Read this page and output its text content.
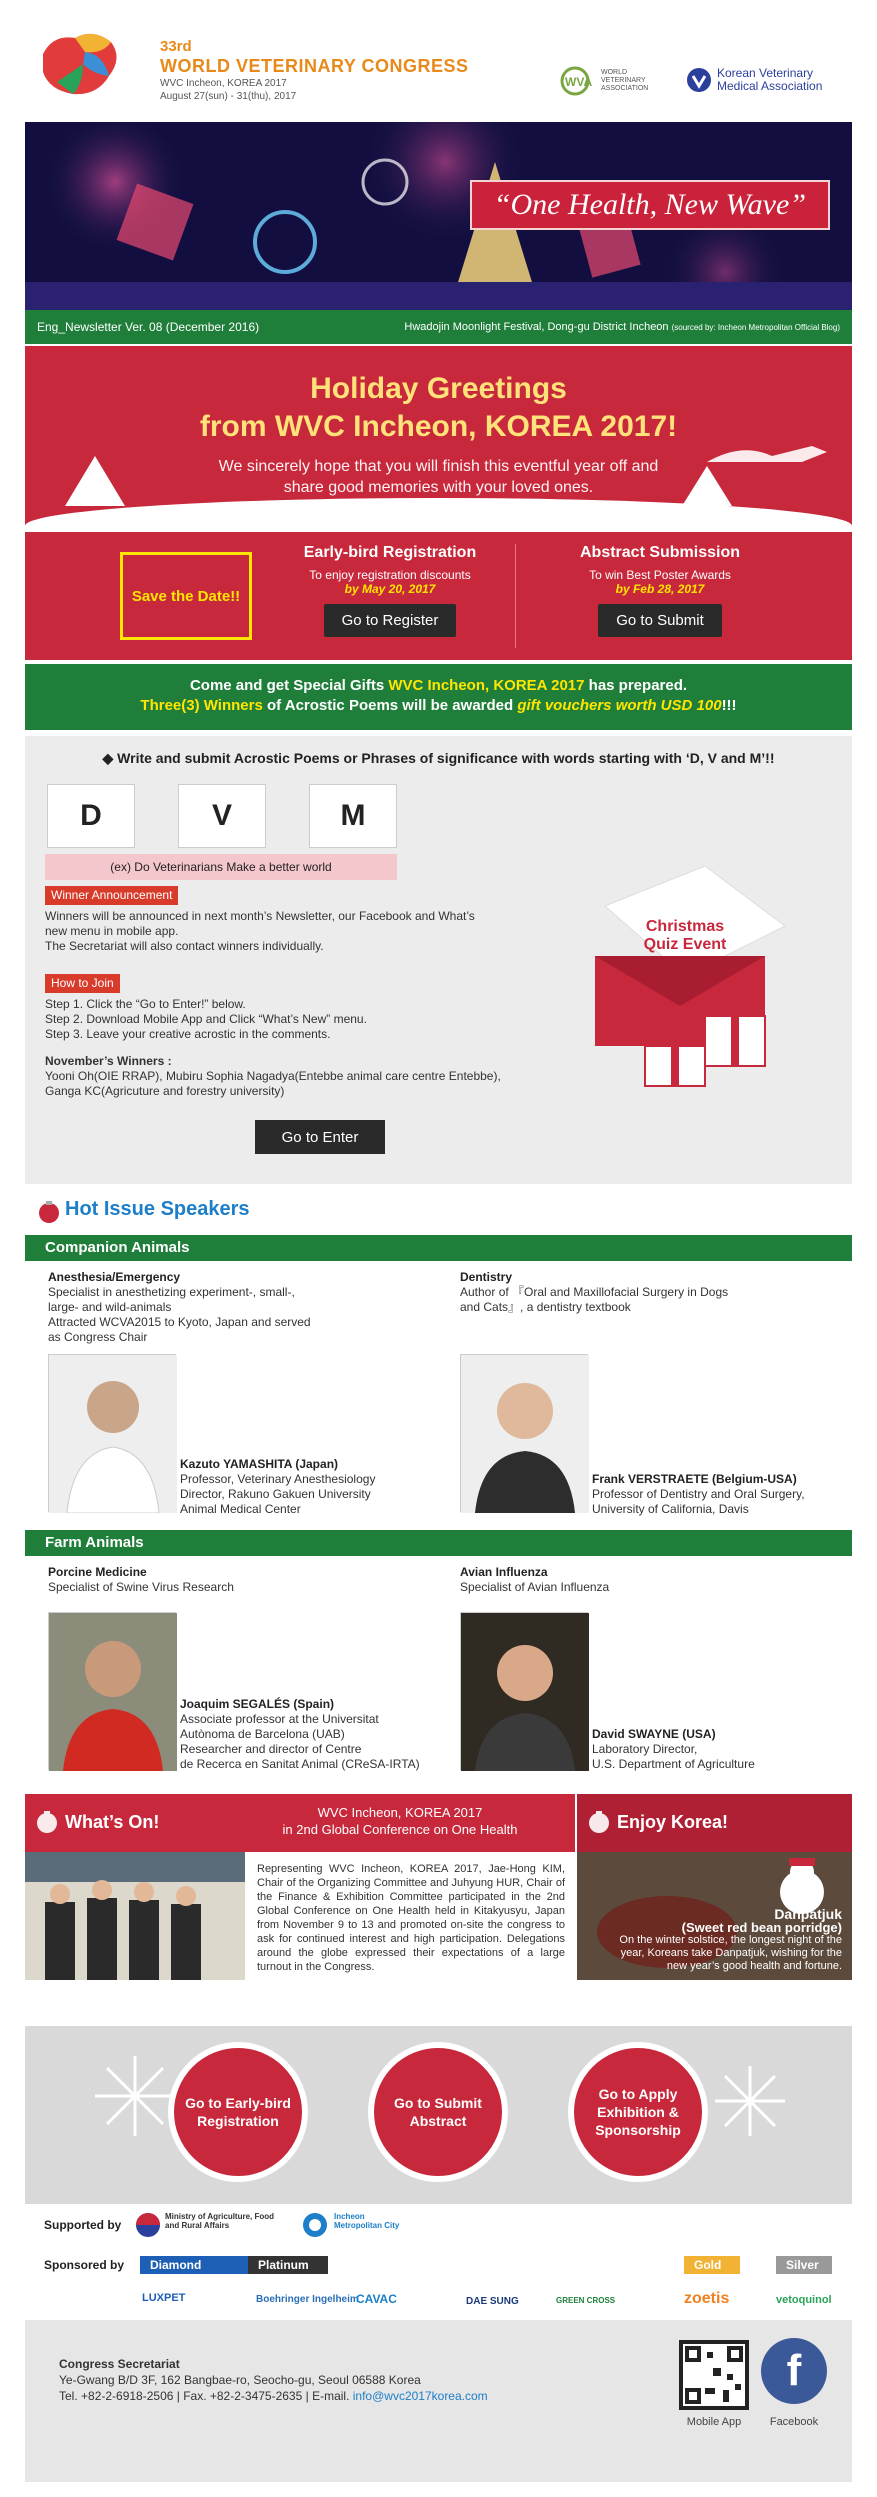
33rd
WORLD VETERINARY CONGRESS
WVC Incheon, KOREA 2017
August 27(sun) - 31(thu), 2017
WVA
WORLD VETERINARY ASSOCIATION
Korean Veterinary Medical Association
“One Health, New Wave”
Eng_Newsletter Ver. 08 (December 2016)	Hwadojin Moonlight Festival, Dong-gu District Incheon (sourced by: Incheon Metropolitan Official Blog)
Holiday Greetings
from WVC Incheon, KOREA 2017!

We sincerely hope that you will finish this eventful year off and
share good memories with your loved ones.

Save the Date!!
Early-bird Registration
To enjoy registration discounts
by May 20, 2017
Go to Register
Abstract Submission
To win Best Poster Awards
by Feb 28, 2017
Go to Submit
Come and get Special Gifts WVC Incheon, KOREA 2017 has prepared.
Three(3) Winners of Acrostic Poems will be awarded gift vouchers worth USD 100!!!
◆ Write and submit Acrostic Poems or Phrases of significance with words starting with ‘D, V and M’!!
D	V	M
(ex) Do Veterinarians Make a better world
Winner Announcement
Winners will be announced in next month’s Newsletter, our Facebook and What’s
new menu in mobile app.
The Secretariat will also contact winners individually.
How to Join
Step 1. Click the “Go to Enter!” below.
Step 2. Download Mobile App and Click “What’s New” menu.
Step 3. Leave your creative acrostic in the comments.
November’s Winners :
Yooni Oh(OIE RRAP), Mubiru Sophia Nagadya(Entebbe animal care centre Entebbe),
Ganga KC(Agricuture and forestry university)
Go to Enter
Christmas Quiz Event
Hot Issue Speakers
Companion Animals
Anesthesia/Emergency
Specialist in anesthetizing experiment-, small-,
large- and wild-animals
Attracted WCVA2015 to Kyoto, Japan and served
as Congress Chair
Kazuto YAMASHITA (Japan)
Professor, Veterinary Anesthesiology
Director, Rakuno Gakuen University
Animal Medical Center
Dentistry
Author of 『Oral and Maxillofacial Surgery in Dogs
and Cats』, a dentistry textbook
Frank VERSTRAETE (Belgium-USA)
Professor of Dentistry and Oral Surgery,
University of California, Davis
Farm Animals
Porcine Medicine
Specialist of Swine Virus Research
Joaquim SEGALÉS (Spain)
Associate professor at the Universitat
Autònoma de Barcelona (UAB)
Researcher and director of Centre
de Recerca en Sanitat Animal (CReSA-IRTA)
Avian Influenza
Specialist of Avian Influenza
David SWAYNE (USA)
Laboratory Director,
U.S. Department of Agriculture
What’s On!	WVC Incheon, KOREA 2017
in 2nd Global Conference on One Health	Enjoy Korea!
Representing WVC Incheon, KOREA 2017, Jae-Hong KIM, Chair of the Organizing Committee and Juhyung HUR, Chair of the Finance & Exhibition Committee participated in the 2nd Global Conference on One Health held in Kitakyusyu, Japan from November 9 to 13 and promoted on-site the congress to ask for continued interest and high participation. Delegations around the globe expressed their expectations of a large turnout in the Congress.
Danpatjuk
(Sweet red bean porridge)
On the winter solstice, the longest night of the year, Koreans take Danpatjuk, wishing for the new year’s good health and fortune.
Go to Early-bird Registration
Go to Submit Abstract
Go to Apply Exhibition & Sponsorship
Supported by
Ministry of Agriculture, Food and Rural Affairs
Incheon Metropolitan City
Sponsored by	Diamond	Platinum	Gold	Silver
LUXPET	Boehringer Ingelheim
CAVAC	DAE SUNG	GREEN CROSS	zoetis	vetoquinol
Congress Secretariat
Ye-Gwang B/D 3F, 162 Bangbae-ro, Seocho-gu, Seoul 06588 Korea
Tel. +82-2-6918-2506 | Fax. +82-2-3475-2635 | E-mail. info@wvc2017korea.com
Mobile App
f
Facebook
